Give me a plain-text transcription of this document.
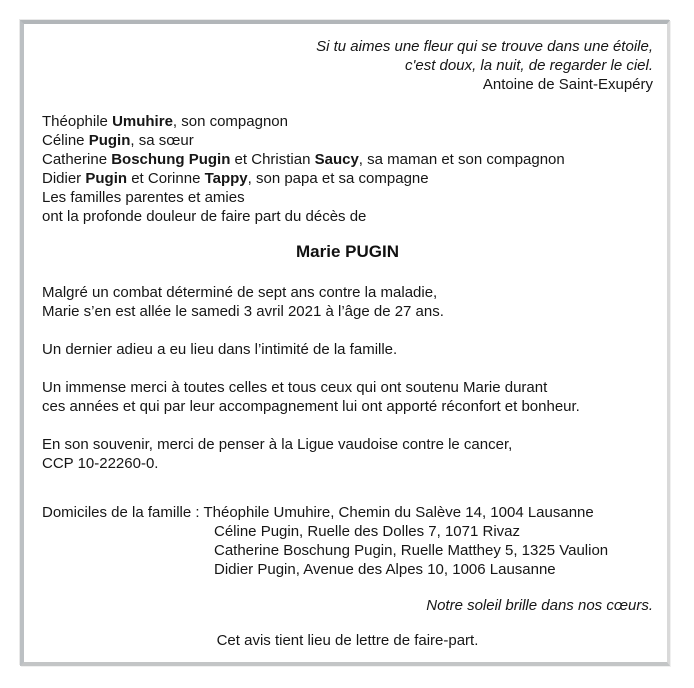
Si tu aimes une fleur qui se trouve dans une étoile,
c'est doux, la nuit, de regarder le ciel.
Antoine de Saint-Exupéry
Théophile Umuhire, son compagnon
Céline Pugin, sa sœur
Catherine Boschung Pugin et Christian Saucy, sa maman et son compagnon
Didier Pugin et Corinne Tappy, son papa et sa compagne
Les familles parentes et amies
ont la profonde douleur de faire part du décès de
Marie PUGIN
Malgré un combat déterminé de sept ans contre la maladie,
Marie s’en est allée le samedi 3 avril 2021 à l’âge de 27 ans.
Un dernier adieu a eu lieu dans l’intimité de la famille.
Un immense merci à toutes celles et tous ceux qui ont soutenu Marie durant
ces années et qui par leur accompagnement lui ont apporté réconfort et bonheur.
En son souvenir, merci de penser à la Ligue vaudoise contre le cancer,
CCP 10-22260-0.
Domiciles de la famille : Théophile Umuhire, Chemin du Salève 14, 1004 Lausanne
Céline Pugin, Ruelle des Dolles 7, 1071 Rivaz
Catherine Boschung Pugin, Ruelle Matthey 5, 1325 Vaulion
Didier Pugin, Avenue des Alpes 10, 1006 Lausanne
Notre soleil brille dans nos cœurs.
Cet avis tient lieu de lettre de faire-part.
